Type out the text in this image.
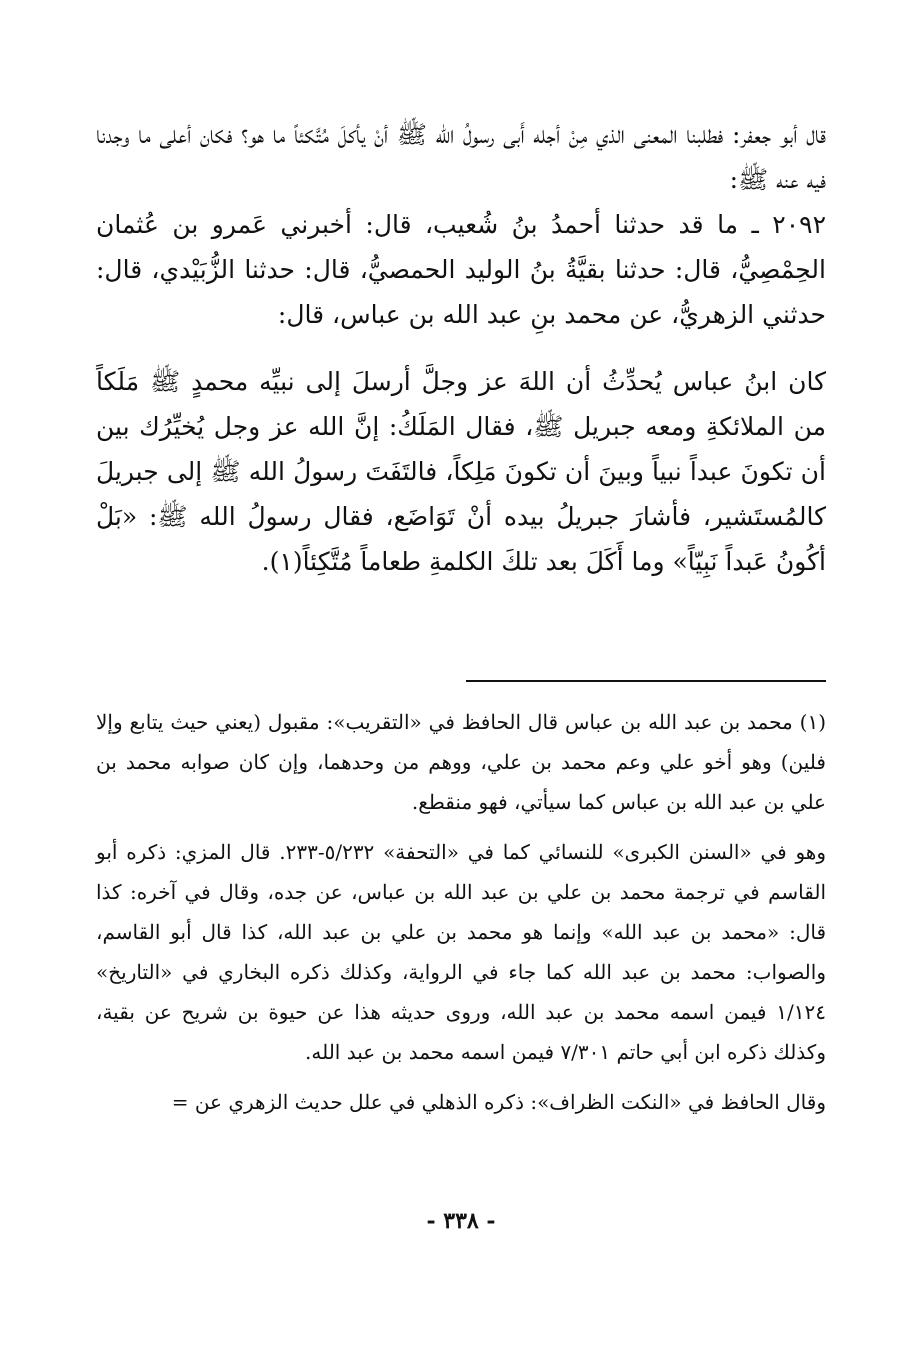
قال أبو جعفر: فطلبنا المعنى الذي مِنْ أجله أَبى رسولُ الله ﷺ أنْ يأكلَ مُتَّكئاً ما هو؟ فكان أعلى ما وجدنا فيه عنه ﷺ:

٢٠٩٢ ـ ما قد حدثنا أحمدُ بنُ شُعيب، قال: أخبرني عَمرو بن عُثمان الحِمْصِيُّ، قال: حدثنا بقيَّةُ بنُ الوليد الحمصيُّ، قال: حدثنا الزُّبَيْدي، قال: حدثني الزهريُّ، عن محمد بنِ عبد الله بن عباس، قال:

كان ابنُ عباس يُحدِّثُ أن اللهَ عز وجلَّ أرسلَ إلى نبيِّه محمدٍ ﷺ مَلَكاً من الملائكةِ ومعه جبريل ﷺ، فقال المَلَكُ: إنَّ الله عز وجل يُخيِّرُك بين أن تكونَ عبداً نبياً وبينَ أن تكونَ مَلِكاً، فالتَفَتَ رسولُ الله ﷺ إلى جبريلَ كالمُستَشير، فأشارَ جبريلُ بيده أنْ تَوَاضَع، فقال رسولُ الله ﷺ: «بَلْ أكُونُ عَبداً نَبِيّاً» وما أَكَلَ بعد تلكَ الكلمةِ طعاماً مُتَّكِئاً(١).

(١) محمد بن عبد الله بن عباس قال الحافظ في «التقريب»: مقبول (يعني حيث يتابع وإلا فلين) وهو أخو علي وعم محمد بن علي، ووهم من وحدهما، وإن كان صوابه محمد بن علي بن عبد الله بن عباس كما سيأتي، فهو منقطع.

وهو في «السنن الكبرى» للنسائي كما في «التحفة» ٥/٢٣٢-٢٣٣. قال المزي: ذكره أبو القاسم في ترجمة محمد بن علي بن عبد الله بن عباس، عن جده، وقال في آخره: كذا قال: «محمد بن عبد الله» وإنما هو محمد بن علي بن عبد الله، كذا قال أبو القاسم، والصواب: محمد بن عبد الله كما جاء في الرواية، وكذلك ذكره البخاري في «التاريخ» ١/١٢٤ فيمن اسمه محمد بن عبد الله، وروى حديثه هذا عن حيوة بن شريح عن بقية، وكذلك ذكره ابن أبي حاتم ٧/٣٠١ فيمن اسمه محمد بن عبد الله.

وقال الحافظ في «النكت الظراف»: ذكره الذهلي في علل حديث الزهري عن =

- ٣٣٨ -
